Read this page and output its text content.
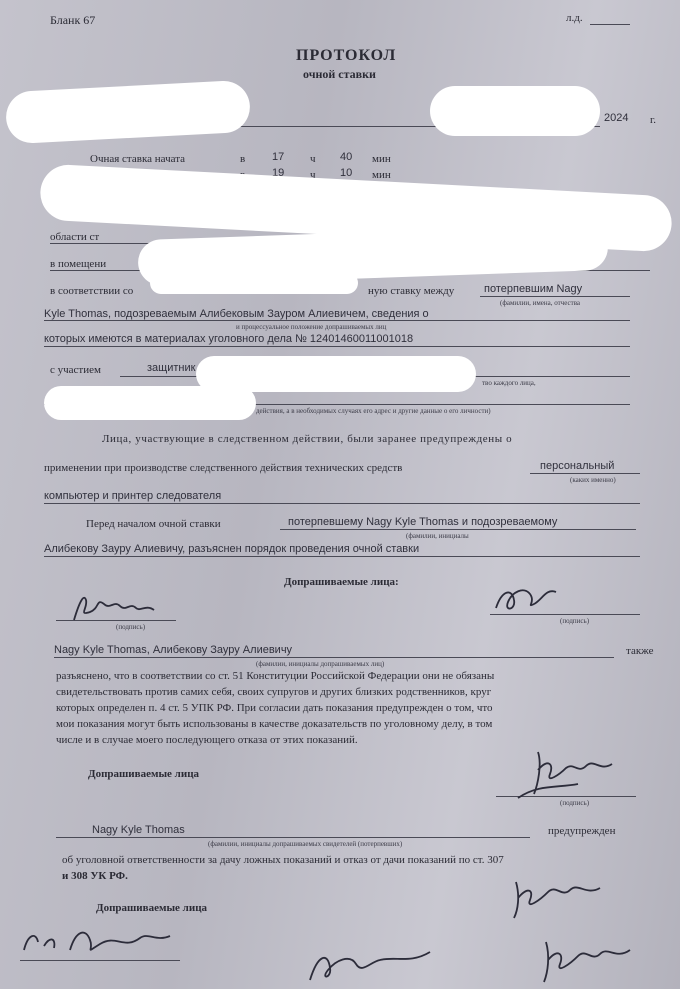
Бланк 67	л.д.
ПРОТОКОЛ
очной ставки
2024 г.
Очная ставка начата	в 17 ч 40 мин
19 ч 10 мин
области ст
в помещени
в соответствии со	ную ставку между	потерпевшим Nagy
(фамилии, имена, отчества
Kyle Thomas, подозреваемым Алибековым Зауром Алиевичем, сведения о
и процессуальное положение допрашиваемых лиц
которых имеются в материалах уголовного дела № 12401460011001018
с участием	защитник
тво каждого лица,
действия, а в необходимых случаях его адрес и другие данные о его личности)
Лица, участвующие в следственном действии, были заранее предупреждены о
применении при производстве следственного действия технических средств	персональный
(каких именно)
компьютер и принтер следователя
Перед началом очной ставки	потерпевшему Nagy Kyle Thomas и подозреваемому
(фамилии, инициалы
Алибекову Зауру Алиевичу, разъяснен порядок проведения очной ставки
Допрашиваемые лица:
(подпись)
(подпись)
Nagy Kyle Thomas, Алибекову Зауру Алиевичу	также
(фамилии, инициалы допрашиваемых лиц)
разъяснено, что в соответствии со ст. 51 Конституции Российской Федерации они не обязаны
свидетельствовать против самих себя, своих супругов и других близких родственников, круг
которых определен п. 4 ст. 5 УПК РФ. При согласии дать показания предупрежден о том, что
мои показания могут быть использованы в качестве доказательств по уголовному делу, в том
числе и в случае моего последующего отказа от этих показаний.
Допрашиваемые лица
(подпись)
Nagy Kyle Thomas	предупрежден
(фамилии, инициалы допрашиваемых свидетелей (потерпевших)
об уголовной ответственности за дачу ложных показаний и отказ от дачи показаний по ст. 307
и 308 УК РФ.
Допрашиваемые лица
